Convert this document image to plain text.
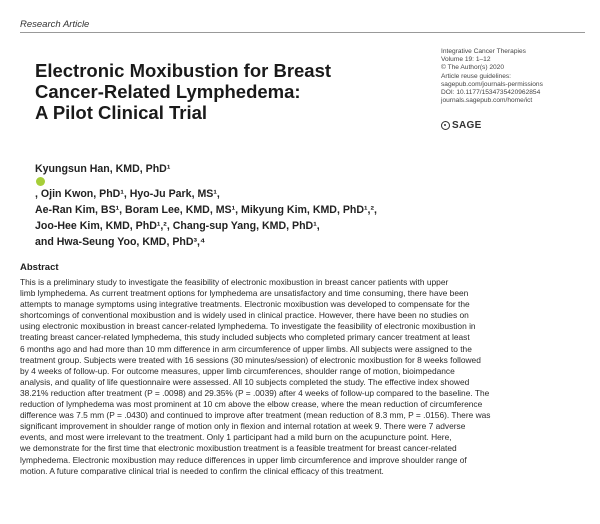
Research Article
Electronic Moxibustion for Breast
Cancer-Related Lymphedema:
A Pilot Clinical Trial
Integrative Cancer Therapies
Volume 19: 1–12
© The Author(s) 2020
Article reuse guidelines:
sagepub.com/journals-permissions
DOI: 10.1177/1534735420962854
journals.sagepub.com/home/ict
SAGE
Kyungsun Han, KMD, PhD¹
, Ojin Kwon, PhD¹, Hyo-Ju Park, MS¹,
Ae-Ran Kim, BS¹, Boram Lee, KMD, MS¹, Mikyung Kim, KMD, PhD¹,²,
Joo-Hee Kim, KMD, PhD¹,², Chang-sup Yang, KMD, PhD¹,
and Hwa-Seung Yoo, KMD, PhD³,⁴
Abstract
This is a preliminary study to investigate the feasibility of electronic moxibustion in breast cancer patients with upper
limb lymphedema. As current treatment options for lymphedema are unsatisfactory and time consuming, there have been
attempts to manage symptoms using integrative treatments. Electronic moxibustion was developed to compensate for the
shortcomings of conventional moxibustion and is widely used in clinical practice. However, there have been no studies on
using electronic moxibustion in breast cancer-related lymphedema. To investigate the feasibility of electronic moxibustion in
treating breast cancer-related lymphedema, this study included subjects who completed primary cancer treatment at least
6 months ago and had more than 10 mm difference in arm circumference of upper limbs. All subjects were assigned to the
treatment group. Subjects were treated with 16 sessions (30 minutes/session) of electronic moxibustion for 8 weeks followed
by 4 weeks of follow-up. For outcome measures, upper limb circumferences, shoulder range of motion, bioimpedance
analysis, and quality of life questionnaire were assessed. All 10 subjects completed the study. The effective index showed
38.21% reduction after treatment (P = .0098) and 29.35% (P = .0039) after 4 weeks of follow-up compared to the baseline. The
reduction of lymphedema was most prominent at 10 cm above the elbow crease, where the mean reduction of circumference
difference was 7.5 mm (P = .0430) and continued to improve after treatment (mean reduction of 8.3 mm, P = .0156). There was
significant improvement in shoulder range of motion only in flexion and internal rotation at week 9. There were 7 adverse
events, and most were irrelevant to the treatment. Only 1 participant had a mild burn on the acupuncture point. Here,
we demonstrate for the first time that electronic moxibustion treatment is a feasible treatment for breast cancer-related
lymphedema. Electronic moxibustion may reduce differences in upper limb circumference and improve shoulder range of
motion. A future comparative clinical trial is needed to confirm the clinical efficacy of this treatment.
